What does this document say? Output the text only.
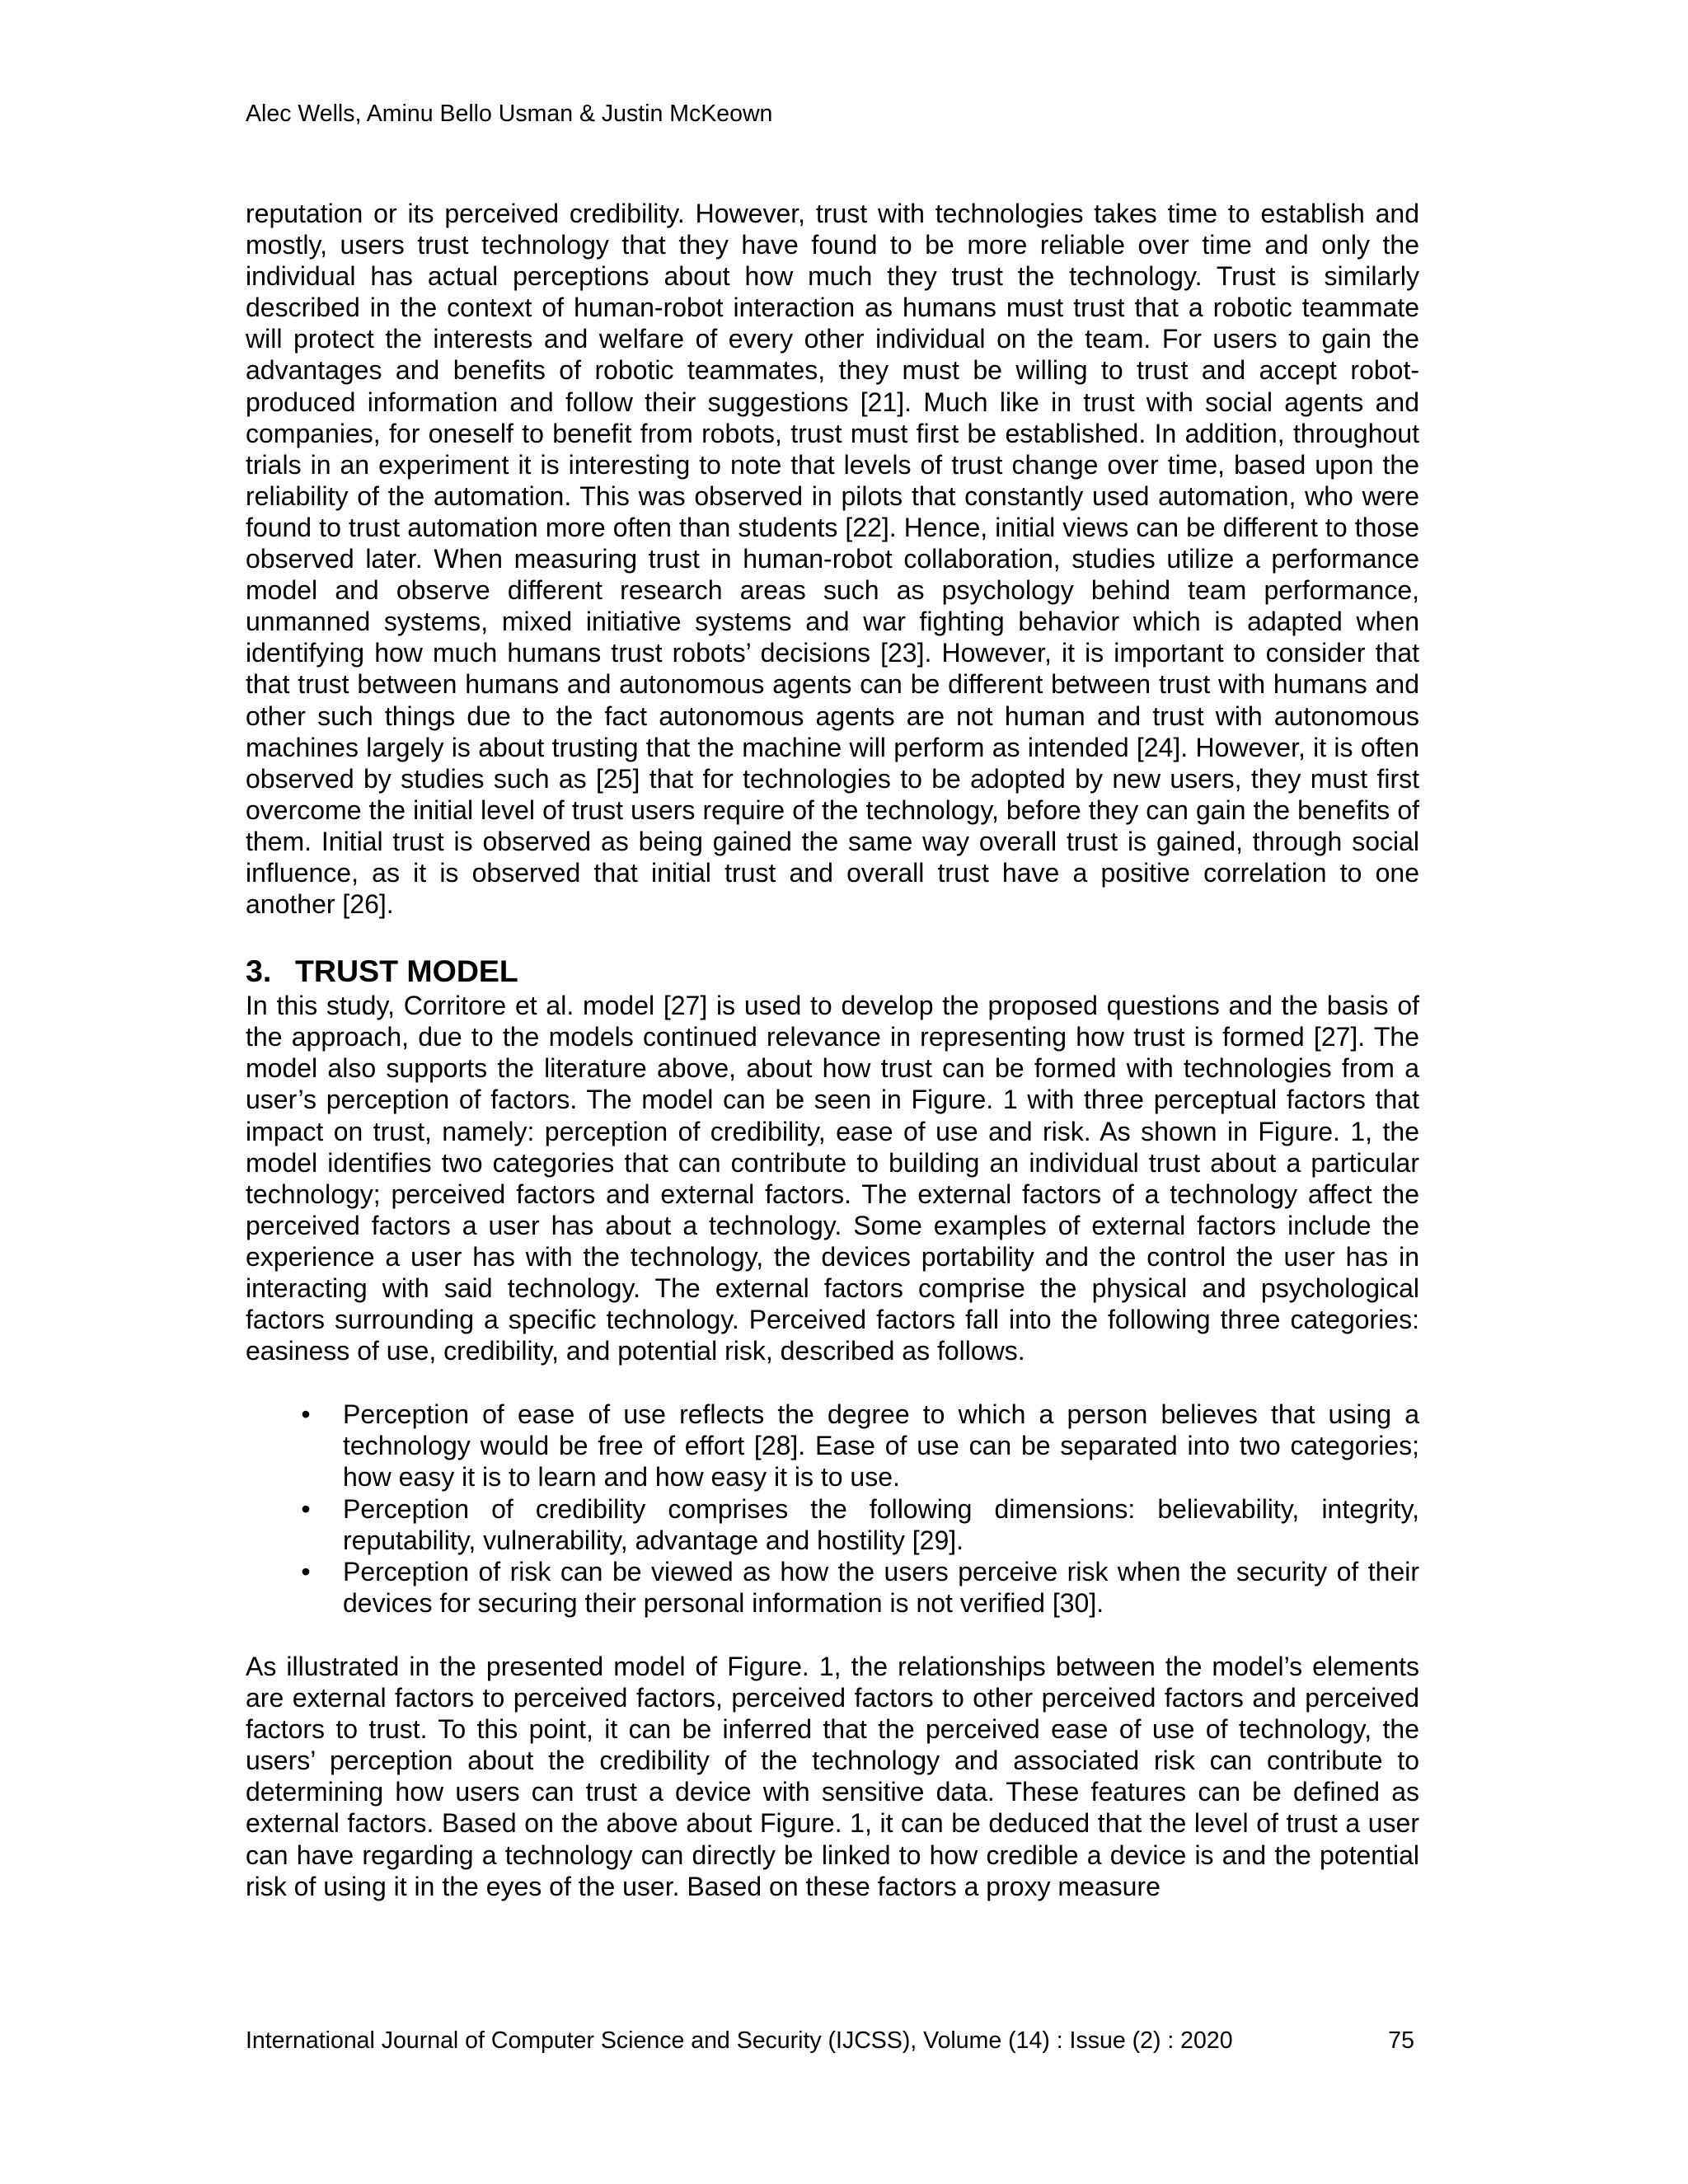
Alec Wells, Aminu Bello Usman & Justin McKeown

reputation or its perceived credibility. However, trust with technologies takes time to establish and mostly, users trust technology that they have found to be more reliable over time and only the individual has actual perceptions about how much they trust the technology. Trust is similarly described in the context of human-robot interaction as humans must trust that a robotic teammate will protect the interests and welfare of every other individual on the team. For users to gain the advantages and benefits of robotic teammates, they must be willing to trust and accept robot-produced information and follow their suggestions [21]. Much like in trust with social agents and companies, for oneself to benefit from robots, trust must first be established. In addition, throughout trials in an experiment it is interesting to note that levels of trust change over time, based upon the reliability of the automation. This was observed in pilots that constantly used automation, who were found to trust automation more often than students [22]. Hence, initial views can be different to those observed later. When measuring trust in human-robot collaboration, studies utilize a performance model and observe different research areas such as psychology behind team performance, unmanned systems, mixed initiative systems and war fighting behavior which is adapted when identifying how much humans trust robots’ decisions [23]. However, it is important to consider that that trust between humans and autonomous agents can be different between trust with humans and other such things due to the fact autonomous agents are not human and trust with autonomous machines largely is about trusting that the machine will perform as intended [24]. However, it is often observed by studies such as [25] that for technologies to be adopted by new users, they must first overcome the initial level of trust users require of the technology, before they can gain the benefits of them. Initial trust is observed as being gained the same way overall trust is gained, through social influence, as it is observed that initial trust and overall trust have a positive correlation to one another [26].

3. TRUST MODEL

In this study, Corritore et al. model [27] is used to develop the proposed questions and the basis of the approach, due to the models continued relevance in representing how trust is formed [27]. The model also supports the literature above, about how trust can be formed with technologies from a user’s perception of factors. The model can be seen in Figure. 1 with three perceptual factors that impact on trust, namely: perception of credibility, ease of use and risk. As shown in Figure. 1, the model identifies two categories that can contribute to building an individual trust about a particular technology; perceived factors and external factors. The external factors of a technology affect the perceived factors a user has about a technology. Some examples of external factors include the experience a user has with the technology, the devices portability and the control the user has in interacting with said technology. The external factors comprise the physical and psychological factors surrounding a specific technology. Perceived factors fall into the following three categories: easiness of use, credibility, and potential risk, described as follows.

• Perception of ease of use reflects the degree to which a person believes that using a technology would be free of effort [28]. Ease of use can be separated into two categories; how easy it is to learn and how easy it is to use.
• Perception of credibility comprises the following dimensions: believability, integrity, reputability, vulnerability, advantage and hostility [29].
• Perception of risk can be viewed as how the users perceive risk when the security of their devices for securing their personal information is not verified [30].

As illustrated in the presented model of Figure. 1, the relationships between the model’s elements are external factors to perceived factors, perceived factors to other perceived factors and perceived factors to trust. To this point, it can be inferred that the perceived ease of use of technology, the users’ perception about the credibility of the technology and associated risk can contribute to determining how users can trust a device with sensitive data. These features can be defined as external factors. Based on the above about Figure. 1, it can be deduced that the level of trust a user can have regarding a technology can directly be linked to how credible a device is and the potential risk of using it in the eyes of the user. Based on these factors a proxy measure

International Journal of Computer Science and Security (IJCSS), Volume (14) : Issue (2) : 2020	75
